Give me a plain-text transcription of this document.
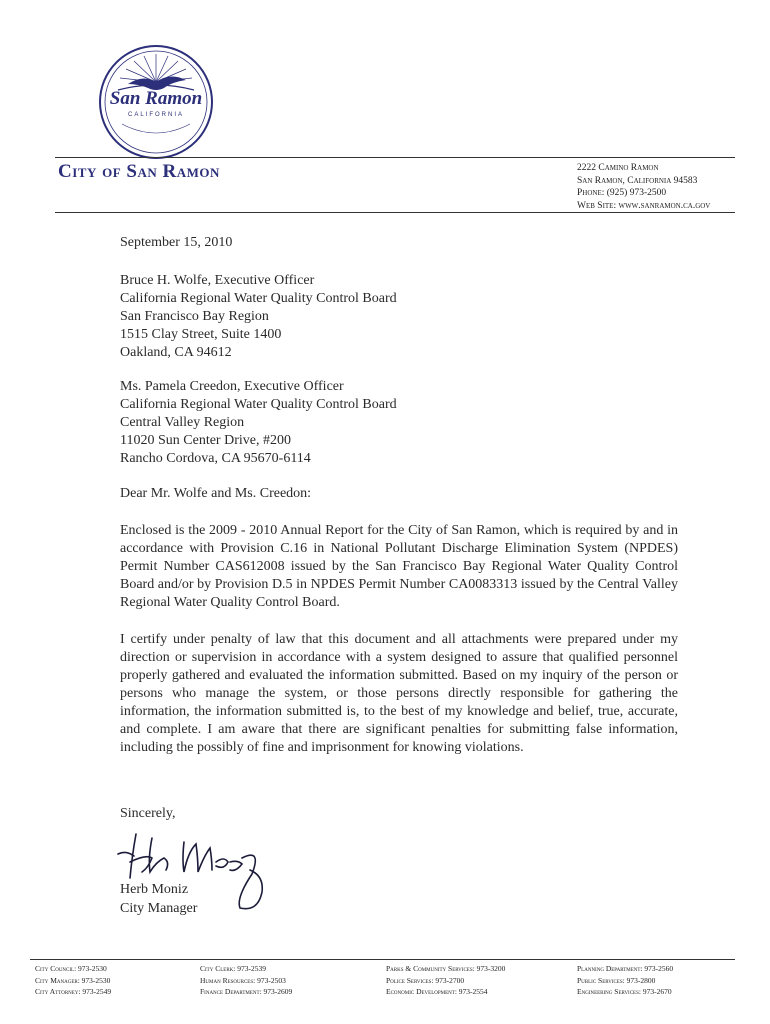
San Ramon
CALIFORNIA
City of San Ramon	2222 Camino Ramon
San Ramon, California 94583
Phone: (925) 973-2500
Web Site: www.sanramon.ca.gov
September 15, 2010
Bruce H. Wolfe, Executive Officer
California Regional Water Quality Control Board
San Francisco Bay Region
1515 Clay Street, Suite 1400
Oakland, CA 94612
Ms. Pamela Creedon, Executive Officer
California Regional Water Quality Control Board
Central Valley Region
11020 Sun Center Drive, #200
Rancho Cordova, CA 95670-6114
Dear Mr. Wolfe and Ms. Creedon:
Enclosed is the 2009 - 2010 Annual Report for the City of San Ramon, which is required by and in accordance with Provision C.16 in National Pollutant Discharge Elimination System (NPDES) Permit Number CAS612008 issued by the San Francisco Bay Regional Water Quality Control Board and/or by Provision D.5 in NPDES Permit Number CA0083313 issued by the Central Valley Regional Water Quality Control Board.
I certify under penalty of law that this document and all attachments were prepared under my direction or supervision in accordance with a system designed to assure that qualified personnel properly gathered and evaluated the information submitted. Based on my inquiry of the person or persons who manage the system, or those persons directly responsible for gathering the information, the information submitted is, to the best of my knowledge and belief, true, accurate, and complete. I am aware that there are significant penalties for submitting false information, including the possibly of fine and imprisonment for knowing violations.
Sincerely,
Herb Moniz
City Manager
City Council: 973-2530
City Manager: 973-2530
City Attorney: 973-2549
City Clerk: 973-2539
Human Resources: 973-2503
Finance Department: 973-2609
Parks & Community Services: 973-3200
Police Services: 973-2700
Economic Development: 973-2554
Planning Department: 973-2560
Public Services: 973-2800
Engineering Services: 973-2670
